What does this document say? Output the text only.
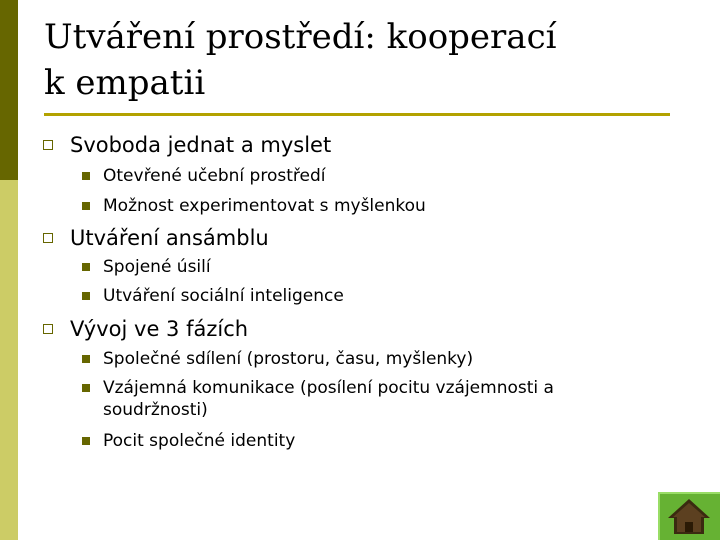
Utváření prostředí: kooperací
k empatii
Svoboda jednat a myslet
Otevřené učební prostředí
Možnost experimentovat s myšlenkou
Utváření ansámblu
Spojené úsilí
Utváření sociální inteligence
Vývoj ve 3 fázích
Společné sdílení (prostoru, času, myšlenky)
Vzájemná komunikace (posílení pocitu vzájemnosti a
soudržnosti)
Pocit společné identity
